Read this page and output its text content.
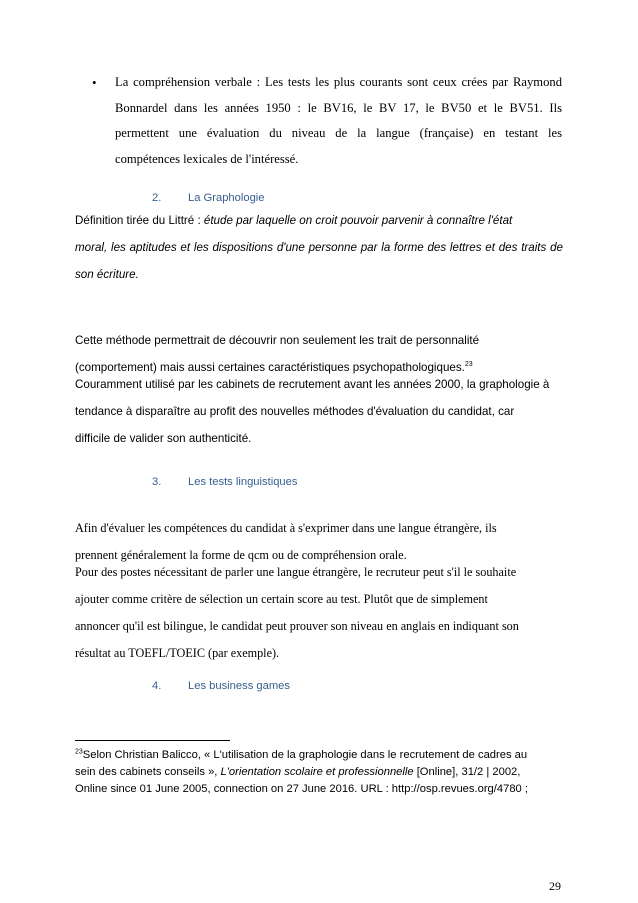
• La compréhension verbale : Les tests les plus courants sont ceux crées par Raymond
Bonnardel dans les années 1950 : le BV16, le BV 17, le BV50 et le BV51. Ils
permettent une évaluation du niveau de la langue (française) en testant les
compétences lexicales de l'intéressé.
2. La Graphologie
Définition tirée du Littré : étude par laquelle on croit pouvoir parvenir à connaître l'état
moral, les aptitudes et les dispositions d'une personne par la forme des lettres et des traits de
son écriture.
Cette méthode permettrait de découvrir non seulement les trait de personnalité
(comportement) mais aussi certaines caractéristiques psychopathologiques.$^{23}$
Couramment utilisé par les cabinets de recrutement avant les années 2000, la graphologie à
tendance à disparaître au profit des nouvelles méthodes d'évaluation du candidat, car
difficile de valider son authenticité.
3. Les tests linguistiques
Afin d'évaluer les compétences du candidat à s'exprimer dans une langue étrangère, ils
prennent généralement la forme de qcm ou de compréhension orale.
Pour des postes nécessitant de parler une langue étrangère, le recruteur peut s'il le souhaite
ajouter comme critère de sélection un certain score au test. Plutôt que de simplement
annoncer qu'il est bilingue, le candidat peut prouver son niveau en anglais en indiquant son
résultat au TOEFL/TOEIC (par exemple).
4. Les business games
$^{23}$Selon Christian Balicco, « L'utilisation de la graphologie dans le recrutement de cadres au
sein des cabinets conseils », L'orientation scolaire et professionnelle [Online], 31/2 | 2002,
Online since 01 June 2005, connection on 27 June 2016. URL : http://osp.revues.org/4780 ;
29
